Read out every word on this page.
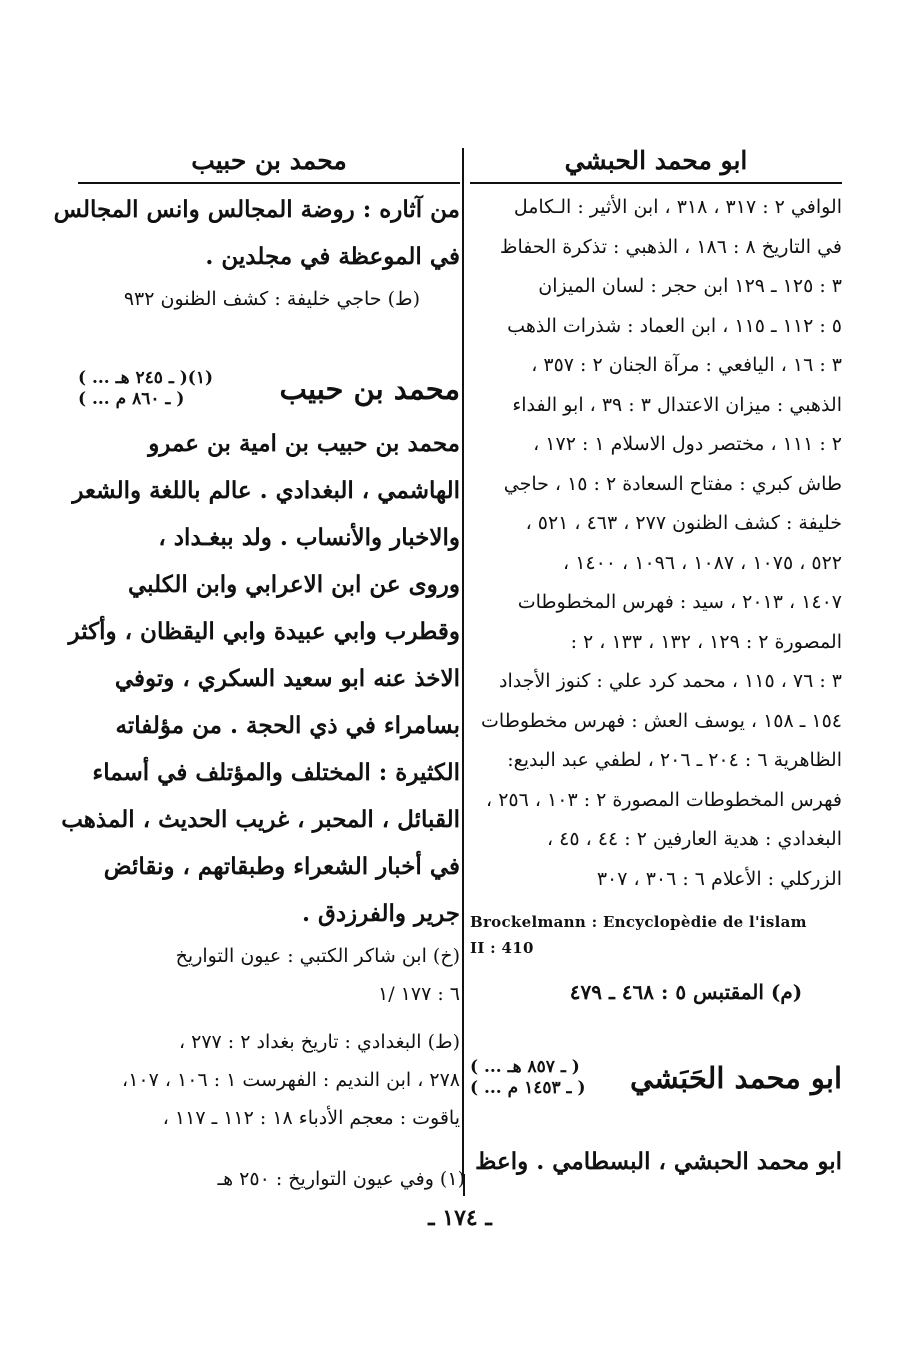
ابو محمد الحبشي
الوافي ٢ : ٣١٧ ، ٣١٨ ، ابن الأثير : الـكامل
في التاريخ ٨ : ١٨٦ ، الذهبي : تذكرة الحفاظ
٣ : ١٢٥ ـ ١٢٩ ابن حجر : لسان الميزان
٥ : ١١٢ ـ ١١٥ ، ابن العماد : شذرات الذهب
٣ : ١٦ ، اليافعي : مرآة الجنان ٢ : ٣٥٧ ،
الذهبي : ميزان الاعتدال ٣ : ٣٩ ، ابو الفداء
٢ : ١١١ ، مختصر دول الاسلام ١ : ١٧٢ ،
طاش كبري : مفتاح السعادة ٢ : ١٥ ، حاجي
خليفة : كشف الظنون ٢٧٧ ، ٤٦٣ ، ٥٢١ ،
٥٢٢ ، ١٠٧٥ ، ١٠٨٧ ، ١٠٩٦ ، ١٤٠٠ ،
١٤٠٧ ، ٢٠١٣ ، سيد : فهرس المخطوطات
المصورة ٢ : ١٢٩ ، ١٣٢ ، ١٣٣ ، ٢ :
٣ : ٧٦ ، ١١٥ ، محمد كرد علي : كنوز الأجداد
١٥٤ ـ ١٥٨ ، يوسف العش : فهرس مخطوطات
الظاهرية ٦ : ٢٠٤ ـ ٢٠٦ ، لطفي عبد البديع:
فهرس المخطوطات المصورة ٢ : ١٠٣ ، ٢٥٦ ،
البغدادي : هدية العارفين ٢ : ٤٤ ، ٤٥ ،
الزركلي : الأعلام ٦ : ٣٠٦ ، ٣٠٧
Brockelmann : Encyclopèdie de l'islam
II : 410
(م) المقتبس ٥ : ٤٦٨ ـ ٤٧٩
ابو محمد الحَبَشي
( ... ـ ٨٥٧ هـ )
( ... ـ ١٤٥٣ م )
ابو محمد الحبشي ، البسطامي . واعظ
محمد بن حبيب
من آثاره : روضة المجالس وانس المجالس
في الموعظة في مجلدين .
(ط) حاجي خليفة : كشف الظنون ٩٣٢
محمد بن حبيب
( ... ـ ٢٤٥ هـ )(١)
( ... ـ ٨٦٠ م )
محمد بن حبيب بن امية بن عمرو
الهاشمي ، البغدادي . عالم باللغة والشعر
والاخبار والأنساب . ولد ببغـداد ،
وروى عن ابن الاعرابي وابن الكلبي
وقطرب وابي عبيدة وابي اليقظان ، وأكثر
الاخذ عنه ابو سعيد السكري ، وتوفي
بسامراء في ذي الحجة . من مؤلفاته
الكثيرة : المختلف والمؤتلف في أسماء
القبائل ، المحبر ، غريب الحديث ، المذهب
في أخبار الشعراء وطبقاتهم ، ونقائض
جرير والفرزدق .
(خ) ابن شاكر الكتبي : عيون التواريخ
٦ : ١٧٧ /١
(ط) البغدادي : تاريخ بغداد ٢ : ٢٧٧ ،
٢٧٨ ، ابن النديم : الفهرست ١ : ١٠٦ ، ١٠٧،
ياقوت : معجم الأدباء ١٨ : ١١٢ ـ ١١٧ ،
(١) وفي عيون التواريخ : ٢٥٠ هـ
ـ ١٧٤ ـ
